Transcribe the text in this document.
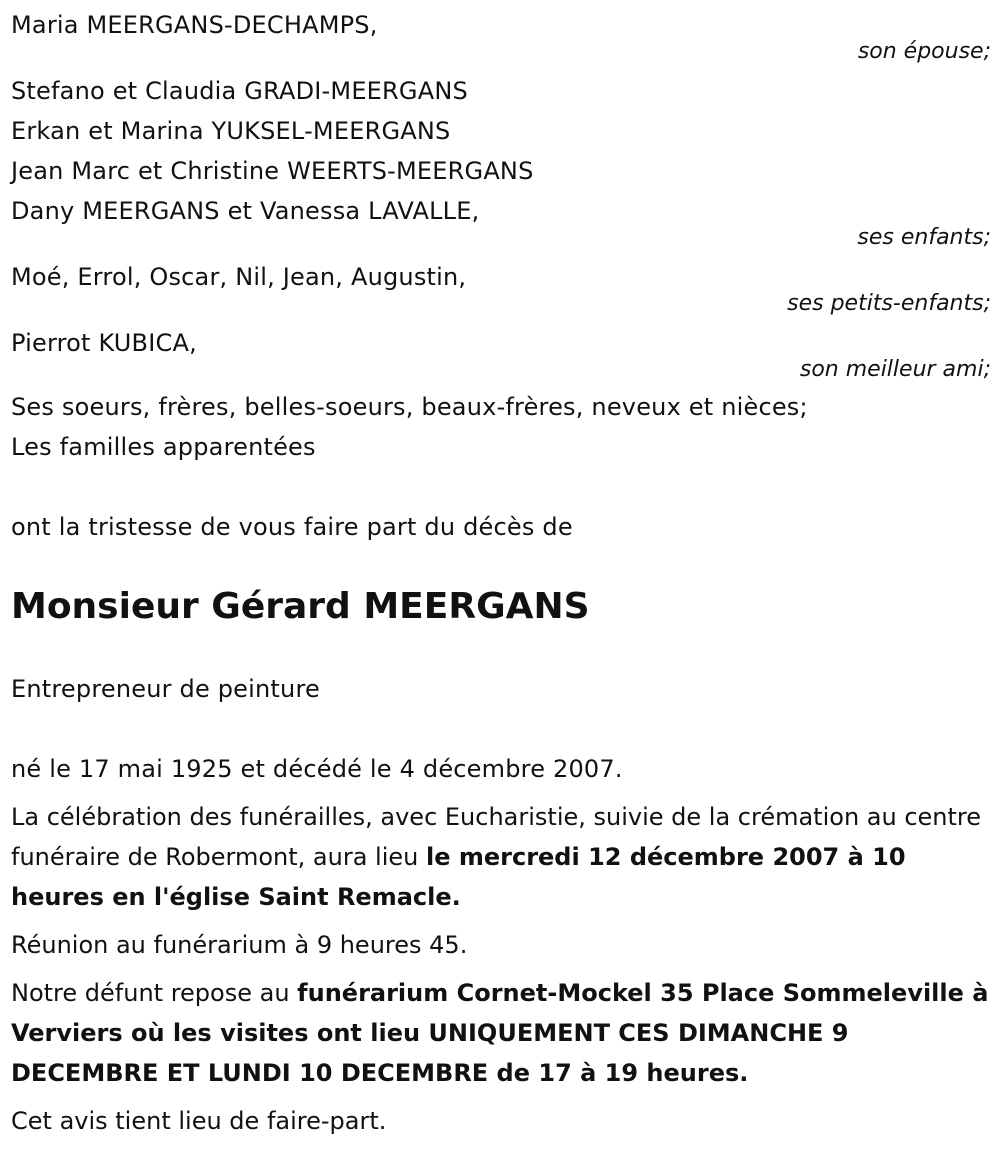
Maria MEERGANS-DECHAMPS,
son épouse;
Stefano et Claudia GRADI-MEERGANS
Erkan et Marina YUKSEL-MEERGANS
Jean Marc et Christine WEERTS-MEERGANS
Dany MEERGANS et Vanessa LAVALLE,
ses enfants;
Moé, Errol, Oscar, Nil, Jean, Augustin,
ses petits-enfants;
Pierrot KUBICA,
son meilleur ami;
Ses soeurs, frères, belles-soeurs, beaux-frères, neveux et nièces;
Les familles apparentées
ont la tristesse de vous faire part du décès de
Monsieur Gérard MEERGANS
Entrepreneur de peinture
né le 17 mai 1925 et décédé le 4 décembre 2007.
La célébration des funérailles, avec Eucharistie, suivie de la crémation au centre funéraire de Robermont, aura lieu le mercredi 12 décembre 2007 à 10 heures en l'église Saint Remacle.
Réunion au funérarium à 9 heures 45.
Notre défunt repose au funérarium Cornet-Mockel 35 Place Sommeleville à Verviers où les visites ont lieu UNIQUEMENT CES DIMANCHE 9 DECEMBRE ET LUNDI 10 DECEMBRE de 17 à 19 heures.
Cet avis tient lieu de faire-part.
